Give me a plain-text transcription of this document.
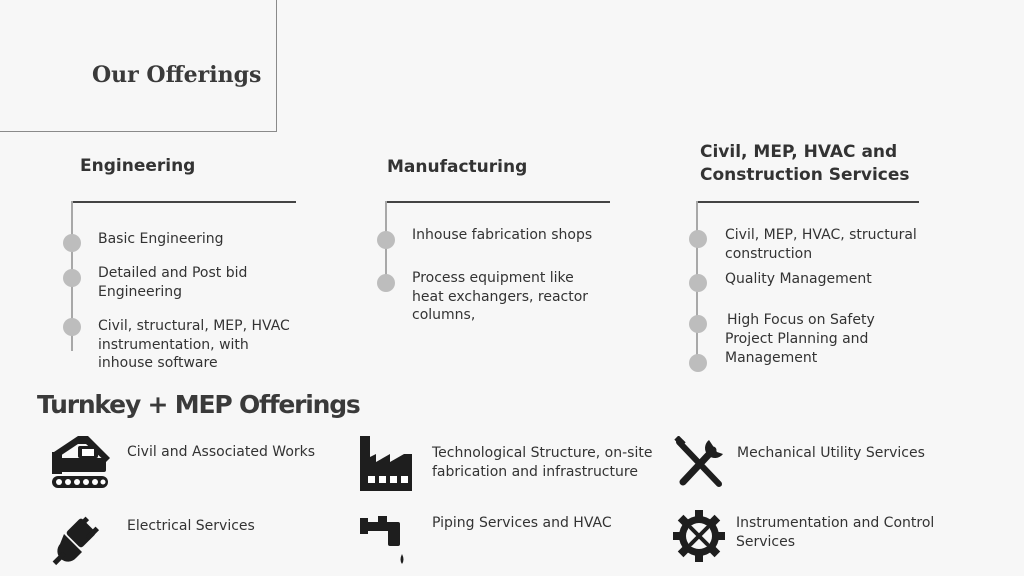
Our Offerings
Engineering
Basic Engineering
Detailed and Post bid
Engineering
Civil, structural, MEP, HVAC
instrumentation, with
inhouse software
Manufacturing
Inhouse fabrication shops
Process equipment like
heat exchangers, reactor
columns,
Civil, MEP, HVAC and
Construction Services
Civil, MEP, HVAC, structural
construction
Quality Management
High Focus on Safety
Project Planning and
Management
Turnkey + MEP Offerings
Civil and Associated Works	Technological Structure, on-site
fabrication and infrastructure
Mechanical Utility Services
Electrical Services	Piping Services and HVAC	Instrumentation and Control
Services
